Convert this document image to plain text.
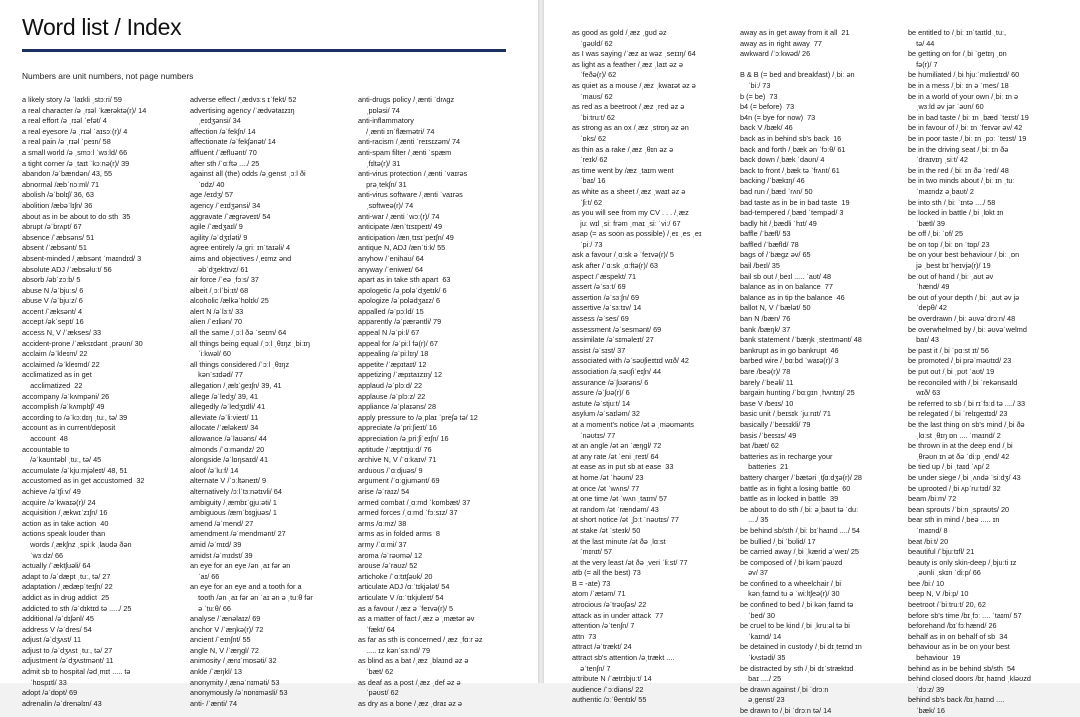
Word list / Index
Numbers are unit numbers, not page numbers
a likely story /ə ˈlaɪkli ˌstɔːri/ 59
a real character /ə ˌrɪəl ˈkærəktə(r)/ 14
a real effort /ə ˌrɪəl ˈefət/ 4
a real eyesore /ə ˌrɪəl ˈaɪsɔː(r)/ 4
a real pain /ə ˌrɪəl ˈpeɪn/ 58
a small world /ə ˌsmɔːl ˈwɜːld/ 66
a tight corner /ə ˌtaɪt ˈkɔːnə(r)/ 39
abandon /əˈbændən/ 43, 55
abnormal /æbˈnɔːml/ 71
abolish /əˈbɒlɪʃ/ 36, 63
abolition /æbəˈlɪʃn/ 36
about as in be about to do sth  35
abrupt /əˈbrʌpt/ 67
absence /ˈæbsəns/ 51
absent /ˈæbsənt/ 51
absent-minded /ˌæbsənt ˈmaɪndɪd/ 3
absolute ADJ /ˈæbsəluːt/ 56
absorb /əbˈzɔːb/ 5
abuse N /əˈbjuːs/ 6
abuse V /əˈbjuːz/ 6
accent /ˈæksənt/ 4
accept /əkˈsept/ 16
access N, V /ˈækses/ 33
accident-prone /ˈæksɪdənt ˌprəʊn/ 30
acclaim /əˈkleɪm/ 22
acclaimed /əˈkleɪmd/ 22
acclimatized as in get
acclimatized  22
accompany /əˈkʌmpəni/ 26
accomplish /əˈkʌmplɪʃ/ 49
according to /əˈkɔːdɪŋ ˌtuː, tə/ 39
account as in current/deposit
account  48
accountable to
/əˈkaʊntəbl ˌtuː, tə/ 45
accumulate /əˈkjuːmjəleɪt/ 48, 51
accustomed as in get accustomed  32
achieve /əˈtʃiːv/ 49
acquire /əˈkwaɪə(r)/ 24
acquisition /ˌækwɪˈzɪʃn/ 16
action as in take action  40
actions speak louder than
words /ˌækʃnz ˌspiːk ˌlaʊdə ðən
ˈwɜːdz/ 66
actually /ˈæktʃuəli/ 64
adapt to /əˈdæpt ˌtuː, tə/ 27
adaptation /ˌædæpˈteɪʃn/ 22
addict as in drug addict  25
addicted to sth /əˈdɪktɪd tə ...../ 25
additional /əˈdɪʃənl/ 45
address V /əˈdres/ 54
adjust /əˈdʒʌst/ 11
adjust to /əˈdʒʌst ˌtuː, tə/ 27
adjustment /əˈdʒʌstmənt/ 11
admit sb to hospital /ədˌmɪt ..... tə
ˈhɒspɪtl/ 33
adopt /əˈdɒpt/ 69
adrenalin /əˈdrenəlɪn/ 43
adverse effect /ˌædvɜːs ɪˈfekt/ 52
advertising agency /ˈædvətaɪzɪŋ
ˌeɪdʒənsi/ 34
affection /əˈfekʃn/ 14
affectionate /əˈfekʃənət/ 14
affluent /ˈæfluənt/ 70
after sth /ˈɑːftə ..../ 25
against all (the) odds /əˌgenst ˌɔːl ði
ˈɒdz/ 40
age /eɪdʒ/ 57
agency /ˈeɪdʒənsi/ 34
aggravate /ˈægrəveɪt/ 54
agile /ˈædʒaɪl/ 9
agility /əˈdʒɪləti/ 9
agree entirely /əˌgriː ɪnˈtaɪəli/ 4
aims and objectives /ˌeɪmz ənd
əbˈdʒektɪvz/ 61
air force /ˈeə ˌfɔːs/ 37
albeit /ˌɔːlˈbiːɪt/ 68
alcoholic /ælkəˈhɒlɪk/ 25
alert N /əˈlɜːt/ 33
alien /ˈeɪliən/ 70
all the same /ˌɔːl ðə ˈseɪm/ 64
all things being equal /ˌɔːl ˌθɪŋz ˌbiːɪŋ
ˈiːkwəl/ 60
all things considered /ˈɔːl ˌθɪŋz
kənˈsɪdəd/ 77
allegation /ˌælɪˈgeɪʃn/ 39, 41
allege /əˈledʒ/ 39, 41
allegedly /əˈledʒɪdli/ 41
alleviate /əˈliːvieɪt/ 11
allocate /ˈæləkeɪt/ 34
allowance /əˈlaʊəns/ 44
almonds /ˈɑːməndz/ 20
alongside /əˈlɒŋsaɪd/ 41
aloof /əˈluːf/ 14
alternate V /ˈɔːltəneɪt/ 9
alternatively /ɔːlˈtɜːnətɪvli/ 64
ambiguity /ˌæmbɪˈgjuːəti/ 1
ambiguous /æmˈbɪgjuəs/ 1
amend /əˈmend/ 27
amendment /əˈmendmənt/ 27
amid /əˈmɪd/ 39
amidst /əˈmɪdst/ 39
an eye for an eye /ən ˌaɪ fər ən
ˈaɪ/ 66
an eye for an eye and a tooth for a
tooth /ən ˌaɪ fər ən ˈaɪ ən ə ˌtuːθ fər
ə ˈtuːθ/ 66
analyse /ˈænəlaɪz/ 69
anchor V /ˈæŋkə(r)/ 72
ancient /ˈeɪnʃnt/ 55
angle N, V /ˈæŋgl/ 72
animosity /ˌænɪˈmɒsəti/ 32
ankle /ˈæŋkl/ 13
anonymity /ˌænəˈnɪməti/ 53
anonymously /əˈnɒnɪməsli/ 53
anti- /ˈænti/ 74
anti-drugs policy /ˌænti ˈdrʌgz
ˌpɒləsi/ 74
anti-inflammatory
/ˌænti ɪnˈflæmətri/ 74
anti-racism /ˌænti ˈreɪsɪzəm/ 74
anti-spam filter /ˌænti ˈspæm
ˌfɪltə(r)/ 31
anti-virus protection /ˌænti ˈvaɪrəs
prəˌtekʃn/ 31
anti-virus software /ˌænti ˈvaɪrəs
ˌsɒftweə(r)/ 74
anti-war /ˌænti ˈwɔː(r)/ 74
anticipate /ænˈtɪsɪpeɪt/ 49
anticipation /ænˌtɪsɪˈpeɪʃn/ 49
antique N, ADJ /ænˈtiːk/ 55
anyhow /ˈenihaʊ/ 64
anyway /ˈeniweɪ/ 64
apart as in take sth apart  63
apologetic /əˌpɒləˈdʒetɪk/ 6
apologize /əˈpɒlədʒaɪz/ 6
appalled /əˈpɔːld/ 15
apparently /əˈpærəntli/ 79
appeal N /əˈpiːl/ 67
appeal for /əˈpiːl fə(r)/ 67
appealing /əˈpiːlɪŋ/ 18
appetite /ˈæpɪtaɪt/ 12
appetizing /ˈæpɪtaɪzɪŋ/ 12
applaud /əˈplɔːd/ 22
applause /əˈplɔːz/ 22
appliance /əˈplaɪəns/ 28
apply pressure to /əˌplaɪ ˈpreʃə tə/ 12
appreciate /əˈpriːʃieɪt/ 16
appreciation /əˌpriːʃiˈeɪʃn/ 16
aptitude /ˈæptɪtjuːd/ 76
archive N, V /ˈɑːkaɪv/ 71
arduous /ˈɑːdjuəs/ 9
argument /ˈɑːgjumənt/ 69
arise /əˈraɪz/ 54
armed combat /ˌɑːmd ˈkɒmbæt/ 37
armed forces /ˌɑːmd ˈfɔːsɪz/ 37
arms /ɑːmz/ 38
arms as in folded arms  8
army /ˈɑːmi/ 37
aroma /əˈrəʊmə/ 12
arouse /əˈraʊz/ 52
artichoke /ˈɑːtɪtʃəʊk/ 20
articulate ADJ /ɑːˈtɪkjələt/ 54
articulate V /ɑːˈtɪkjuleɪt/ 54
as a favour /ˌæz ə ˈfeɪvə(r)/ 5
as a matter of fact /ˌæz ə ˌmætər əv
ˈfækt/ 64
as far as sth is concerned /ˌæz ˌfɑːr əz
..... ɪz kənˈsɜːnd/ 79
as blind as a bat /ˌæz ˌblaɪnd əz ə
ˈbæt/ 62
as deaf as a post /ˌæz ˌdef əz ə
ˈpəʊst/ 62
as dry as a bone /ˌæz ˌdraɪ əz ə
as good as gold /ˌæz ˌgʊd əz
ˈgəʊld/ 62
as I was saying /ˈæz aɪ wəz ˌseɪɪŋ/ 64
as light as a feather /ˌæz ˌlaɪt əz ə
ˈfeðə(r)/ 62
as quiet as a mouse /ˌæz ˌkwaɪət əz ə
ˈmaʊs/ 62
as red as a beetroot /ˌæz ˌred əz ə
ˈbiːtruːt/ 62
as strong as an ox /ˌæz ˌstrɒŋ əz ən
ˈɒks/ 62
as thin as a rake /ˌæz ˌθɪn əz ə
ˈreɪk/ 62
as time went by /æz ˌtaɪm went
ˈbaɪ/ 16
as white as a sheet /ˌæz ˌwaɪt əz ə
ˈʃiːt/ 62
as you will see from my CV . . . /ˌæz
juː wɪl ˌsiː frəm ˌmaɪ ˌsiː ˈviː/ 67
asap (= as soon as possible) /ˌeɪ ˌes ˌeɪ
ˈpiː/ 73
ask a favour /ˌɑːsk ə ˈfeɪvə(r)/ 5
ask after /ˈɑːsk ˌɑːftə(r)/ 63
aspect /ˈæspekt/ 71
assert /əˈsɜːt/ 69
assertion /əˈsɜːʃn/ 69
assertive /əˈsɜːtɪv/ 14
assess /əˈses/ 69
assessment /əˈsesmənt/ 69
assimilate /əˈsɪməleɪt/ 27
assist /əˈsɪst/ 37
associated with /əˈsəʊʃieɪtɪd wɪð/ 42
association /əˌsəʊʃiˈeɪʃn/ 44
assurance /əˈʃʊərəns/ 6
assure /əˈʃʊə(r)/ 6
astute /əˈstjuːt/ 14
asylum /əˈsaɪləm/ 32
at a moment's notice /ət ə ˌməʊmənts
ˈnəʊtɪs/ 77
at an angle /ət ən ˈæŋgl/ 72
at any rate /ət ˈeni ˌreɪt/ 64
at ease as in put sb at ease  33
at home /ət ˈhəʊm/ 23
at once /ət ˈwʌns/ 77
at one time /ət ˈwʌn ˌtaɪm/ 57
at random /ət ˈrændəm/ 43
at short notice /ət ˌʃɔːt ˈnəʊtɪs/ 77
at stake /ət ˈsteɪk/ 50
at the last minute /ət ðə ˌlɑːst
ˈmɪnɪt/ 57
at the very least /ət ðə ˌveri ˈliːst/ 77
atb (= all the best) 73
B = -ate) 73
atom /ˈætəm/ 71
atrocious /əˈtrəʊʃəs/ 22
attack as in under attack  77
attention /əˈtenʃn/ 7
attn  73
attract /əˈtrækt/ 24
attract sb's attention /əˌtrækt ....
əˈtenʃn/ 7
attribute N /ˈætrɪbjuːt/ 14
audience /ˈɔːdiəns/ 22
authentic /ɔːˈθentɪk/ 55
away as in get away from it all  21
away as in right away  77
awkward /ˈɔːkwəd/ 26

B & B (= bed and breakfast) /ˌbiː ən
ˈbiː/ 73
b (= be)  73
b4 (= before)  73
b4n (= bye for now)  73
back V /bæk/ 46
back as in behind sb's back  16
back and forth /ˌbæk ən ˈfɔːθ/ 61
back down /ˌbæk ˈdaʊn/ 4
back to front /ˌbæk tə ˈfrʌnt/ 61
backing /ˈbækɪŋ/ 46
bad run /ˌbæd ˈrʌn/ 50
bad taste as in be in bad taste  19
bad-tempered /ˌbæd ˈtempəd/ 3
badly hit /ˌbædli ˈhɪt/ 49
baffle /ˈbæfl/ 53
baffled /ˈbæfld/ 78
bags of /ˈbægz əv/ 65
bail /beɪl/ 35
bail sb out /ˌbeɪl ..... ˈaʊt/ 48
balance as in on balance  77
balance as in tip the balance  46
ballot N, V /ˈbælət/ 50
ban N /bæn/ 76
bank /bæŋk/ 37
bank statement /ˈbæŋk ˌsteɪtmənt/ 48
bankrupt as in go bankrupt  46
barbed wire /ˌbɑːbd ˈwaɪə(r)/ 3
bare /beə(r)/ 78
barely /ˈbeəli/ 11
bargain hunting /ˈbɑːgɪn ˌhʌntɪŋ/ 25
base V /beɪs/ 10
basic unit /ˌbeɪsɪk ˈjuːnɪt/ 71
basically /ˈbeɪsɪkli/ 79
basis /ˈbeɪsɪs/ 49
bat /bæt/ 62
batteries as in recharge your
batteries  21
battery charger /ˈbætəri ˌtʃɑːdʒə(r)/ 28
battle as in fight a losing battle  60
battle as in locked in battle  39
be about to do sth /ˌbiː əˌbaʊt tə ˈduː
..../ 35
be behind sb/sth /ˌbiː bɪˈhaɪnd ..../ 54
be bullied /ˌbi ˈbʊlid/ 17
be carried away /ˌbi ˌkærid əˈweɪ/ 25
be composed of /ˌbi kəmˈpəʊzd
əv/ 37
be confined to a wheelchair /ˌbi
kənˌfaɪnd tu ə ˈwiːltʃeə(r)/ 30
be confined to bed /ˌbi kənˌfaɪnd tə
ˈbed/ 30
be cruel to be kind /ˌbi ˌkruːəl tə bi
ˈkaɪnd/ 14
be detained in custody /ˌbi dɪˌteɪnd ɪn
ˈkʌstədi/ 35
be distracted by sth /ˌbi dɪˈstræktɪd
baɪ ..../ 25
be drawn against /ˌbi ˈdrɔːn
əˌgenst/ 23
be drawn to /ˌbi ˈdrɔːn tə/ 14
be entitled to /ˌbiː ɪnˈtaɪtld ˌtuː,
tə/ 44
be getting on for /ˌbi ˈgetɪŋ ˌɒn
fə(r)/ 7
be humiliated /ˌbi hjuːˈmɪlieɪtɪd/ 60
be in a mess /ˌbiː ɪn ə ˈmes/ 18
be in a world of your own /ˌbiː ɪn ə
ˌwɜːld əv jər ˈəʊn/ 60
be in bad taste /ˌbiː ɪn ˌbæd ˈteɪst/ 19
be in favour of /ˌbiː ɪn ˈfeɪvər əv/ 42
be in poor taste /ˌbiː ɪn ˌpɔː ˈteɪst/ 19
be in the driving seat /ˌbiː ɪn ðə
ˈdraɪvɪŋ ˌsiːt/ 42
be in the red /ˌbiː ɪn ðə ˈred/ 48
be in two minds about /ˌbiː ɪn ˌtuː
ˈmaɪndz əˌbaʊt/ 2
be into sth /ˌbiː ˈɪntə ..../ 58
be locked in battle /ˌbi ˌlɒkt ɪn
ˈbætl/ 39
be off /ˌbiː ˈɒf/ 25
be on top /ˌbiː ɒn ˈtɒp/ 23
be on your best behaviour /ˌbiː ˌɒn
jə ˌbest bɪˈheɪvjə(r)/ 19
be out of hand /ˌbiː ˌaʊt əv
ˈhænd/ 49
be out of your depth /ˌbiː ˌaʊt əv jə
ˈdepθ/ 42
be overdrawn /ˌbiː əʊvəˈdrɔːn/ 48
be overwhelmed by /ˌbiː əʊvəˈwelmd
baɪ/ 43
be past it /ˌbi ˈpɑːst ɪt/ 56
be promoted /ˌbi prəˈməʊtɪd/ 23
be put out /ˌbi ˌpʊt ˈaʊt/ 19
be reconciled with /ˌbi ˈrekənsaɪld
wɪð/ 63
be referred to sb /ˌbi rɪˈfɜːd tə ..../ 33
be relegated /ˌbi ˈrelɪgeɪtɪd/ 23
be the last thing on sb's mind /ˌbi ðə
ˌlɑːst ˌθɪŋ ɒn .... ˈmaɪnd/ 2
be thrown in at the deep end /ˌbi
ˌθrəʊn ɪn ət ðə ˈdiːp ˌend/ 42
be tied up /ˌbi ˌtaɪd ˈʌp/ 2
be under siege /ˌbi ˌʌndə ˈsiːdʒ/ 43
be uprooted /ˌbi ʌpˈruːtɪd/ 32
beam /biːm/ 72
bean sprouts /ˈbiːn ˌspraʊts/ 20
bear sth in mind /ˌbeə ..... ɪn
ˈmaɪnd/ 8
beat /biːt/ 20
beautiful /ˈbjuːtɪfl/ 21
beauty is only skin-deep /ˌbjuːti ɪz
ˌəʊnli ˌskɪn ˈdiːp/ 66
bee /biː/ 10
beep N, V /biːp/ 10
beetroot /ˈbiːtruːt/ 20, 62
before sb's time /bɪˌfɔː .... ˈtaɪm/ 57
beforehand /bɪˈfɔːhænd/ 26
behalf as in on behalf of sb  34
behaviour as in be on your best
behaviour  19
behind as in be behind sb/sth  54
behind closed doors /bɪˌhaɪnd ˌkləʊzd
ˈdɔːz/ 39
behind sb's back /bɪˌhaɪnd ....
ˈbæk/ 16
